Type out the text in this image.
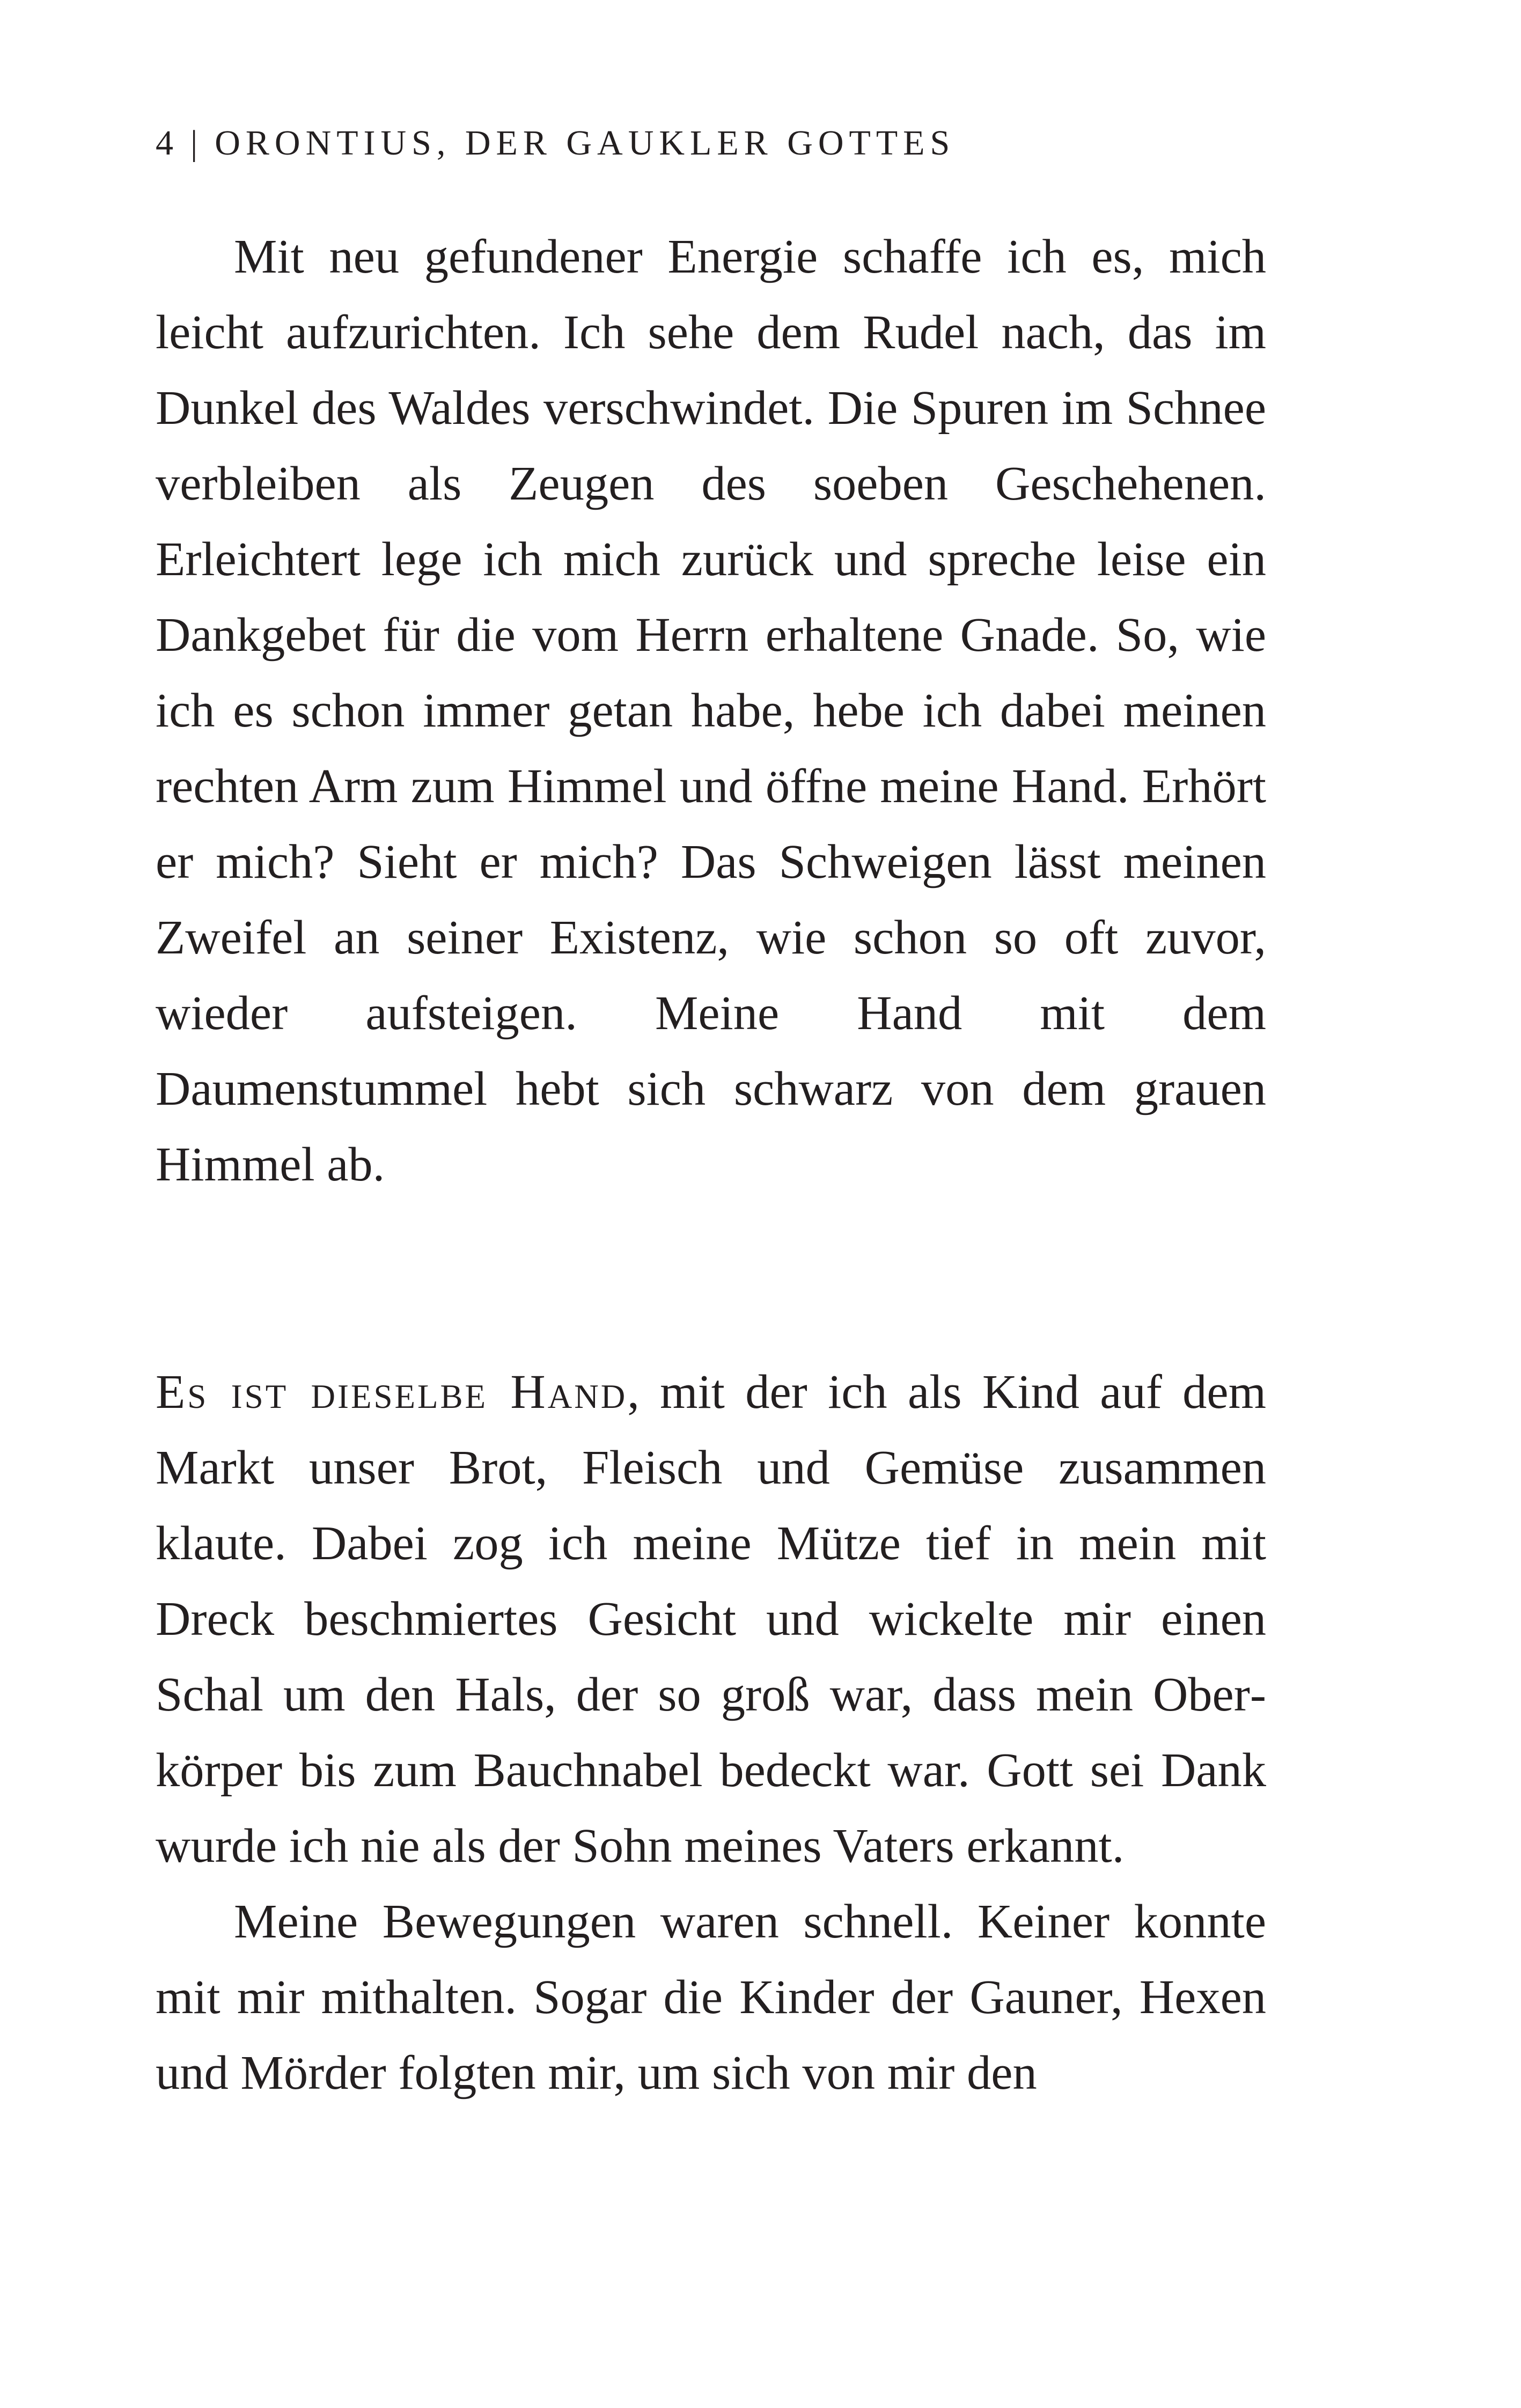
4 | ORONTIUS, DER GAUKLER GOTTES

Mit neu gefundener Energie schaffe ich es, mich leicht aufzurichten. Ich sehe dem Rudel nach, das im Dunkel des Waldes verschwindet. Die Spuren im Schnee verbleiben als Zeugen des soeben Geschehenen. Erleichtert lege ich mich zurück und spreche leise ein Dankgebet für die vom Herrn erhaltene Gnade. So, wie ich es schon immer getan habe, hebe ich dabei meinen rechten Arm zum Himmel und öffne meine Hand. Erhört er mich? Sieht er mich? Das Schweigen lässt meinen Zweifel an seiner Existenz, wie schon so oft zuvor, wieder aufsteigen. Meine Hand mit dem Daumenstummel hebt sich schwarz von dem grauen Himmel ab.

Es ist dieselbe Hand, mit der ich als Kind auf dem Markt unser Brot, Fleisch und Gemüse zusammen klaute. Dabei zog ich meine Mütze tief in mein mit Dreck beschmiertes Gesicht und wickelte mir einen Schal um den Hals, der so groß war, dass mein Oberkörper bis zum Bauchnabel bedeckt war. Gott sei Dank wurde ich nie als der Sohn meines Vaters erkannt.

Meine Bewegungen waren schnell. Keiner konnte mit mir mithalten. Sogar die Kinder der Gauner, Hexen und Mörder folgten mir, um sich von mir den
